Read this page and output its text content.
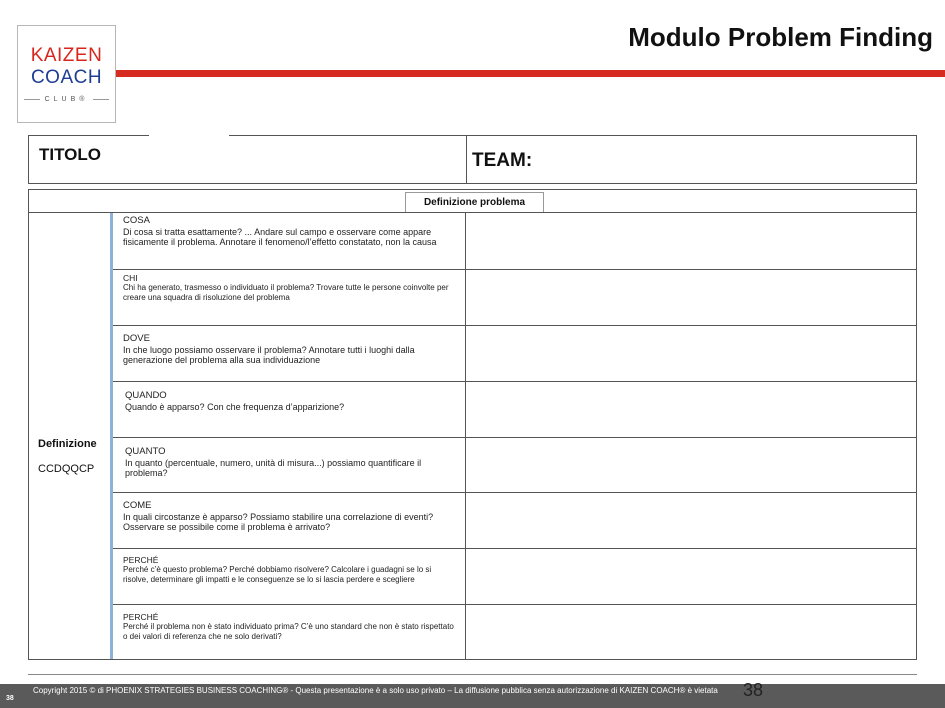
KAIZEN
COACH
CLUB®
Modulo Problem Finding
TITOLO	TEAM:
Definizione problema
Definizione
CCDQQCP
COSA
Di cosa si tratta esattamente? ... Andare sul campo e osservare come appare fisicamente il problema. Annotare il fenomeno/l’effetto constatato, non la causa
CHI
Chi ha generato, trasmesso o individuato il problema? Trovare tutte le persone coinvolte per creare una squadra di risoluzione del problema
DOVE
In che luogo possiamo osservare il problema? Annotare tutti i luoghi dalla generazione del problema alla sua individuazione
QUANDO
Quando è apparso? Con che frequenza d’apparizione?
QUANTO
In quanto (percentuale, numero, unità di misura...) possiamo quantificare il problema?
COME
In quali circostanze è apparso? Possiamo stabilire una correlazione di eventi? Osservare se possibile come il problema è arrivato?
PERCHÉ
Perché c’è questo problema? Perché dobbiamo risolvere? Calcolare i guadagni se lo si risolve, determinare gli impatti e le conseguenze se lo si lascia perdere e scegliere
PERCHÉ
Perché il problema non è stato individuato prima? C’è uno standard che non è stato rispettato o dei valori di referenza che ne solo derivati?
38
Copyright 2015 © di PHOENIX STRATEGIES BUSINESS COACHING® - Questa presentazione è a solo uso privato – La diffusione pubblica senza autorizzazione di KAIZEN COACH® è vietata 38
